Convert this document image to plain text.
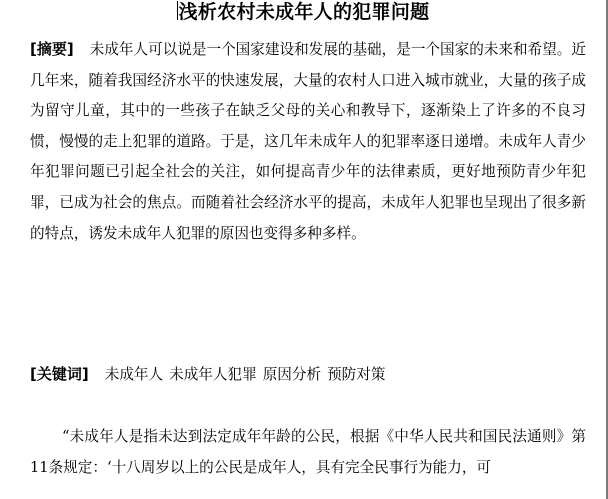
浅析农村未成年人的犯罪问题

[摘要] 未成年人可以说是一个国家建设和发展的基础，是一个国家的未来和希望。近几年来，随着我国经济水平的快速发展，大量的农村人口进入城市就业，大量的孩子成为留守儿童，其中的一些孩子在缺乏父母的关心和教导下，逐渐染上了许多的不良习惯，慢慢的走上犯罪的道路。于是，这几年未成年人的犯罪率逐日递增。未成年人青少年犯罪问题已引起全社会的关注，如何提高青少年的法律素质，更好地预防青少年犯罪，已成为社会的焦点。而随着社会经济水平的提高，未成年人犯罪也呈现出了很多新的特点，诱发未成年人犯罪的原因也变得多种多样。

[关键词] 未成年人 未成年人犯罪 原因分析 预防对策

“未成年人是指未达到法定成年年龄的公民，根据《中华人民共和国民法通则》第11条规定：‘十八周岁以上的公民是成年人，具有完全民事行为能力，可
